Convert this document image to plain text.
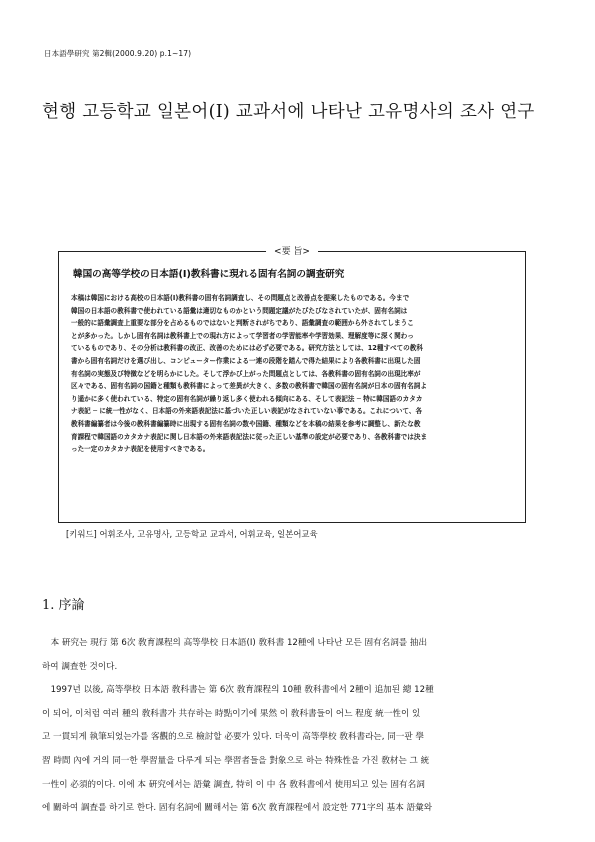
日本語學研究 第2輯(2000.9.20) p.1~17)
현행 고등학교 일본어(I) 교과서에 나타난 고유명사의 조사 연구
<要 旨>
韓国の高等学校の日本語(I)教科書に現れる固有名詞の調査研究
本稿は韓国における高校の日本語(I)教科書の固有名詞調査し、その問題点と改善点を提案したものである。今まで
韓国の日本語の教科書で使われている語彙は適切なものかという問題定議がたびたびなされていたが、固有名詞は
一般的に語彙調査上重要な部分を占めるものではないと判断されがちであり、語彙調査の範囲から外されてしまうこ
とが多かった。しかし固有名詞は教科書上での現れ方によって学習者の学習能率や学習効果、理解度等に深く関わっ
ているものであり、その分析は教科書の改正、改善のためには必ず必要である。研究方法としては、12種すべての教科
書から固有名詞だけを選び出し、コンピューター作業による一連の段階を踏んで得た結果により各教科書に出現した固
有名詞の実態及び特徴などを明らかにした。そして浮かび上がった問題点としては、各教科書の固有名詞の出現比率が
区々である、固有名詞の国籍と種類も教科書によって差異が大きく、多数の教科書で韓国の固有名詞が日本の固有名詞よ
り遥かに多く使われている、特定の固有名詞が繰り返し多く使われる傾向にある、そして表記法 ─ 特に韓国語のカタカ
ナ表記 ─ に統一性がなく、日本語の外来語表記法に基づいた正しい表記がなされていない事である。これについて、各
教科書編纂者は今後の教科書編纂時に出現する固有名詞の数や国籍、種類などを本稿の結果を参考に調整し、新たな教
育課程で韓国語のカタカナ表記に関し日本語の外来語表記法に従った正しい基準の設定が必要であり、各教科書では決ま
った一定のカタカナ表記を使用すべきである。
[키워드] 어휘조사, 고유명사, 고등학교 교과서, 어휘교육, 일본어교육
1. 序論
　本 硏究는 現行 第 6次 敎育課程의 高等學校 日本語(I) 敎科書 12種에 나타난 모든 固有名詞를 抽出
하여 調査한 것이다.
　1997년 以後, 高等學校 日本語 敎科書는 第 6次 敎育課程의 10種 敎科書에서 2種이 追加된 總 12種
이 되어, 이처럼 여러 種의 敎科書가 共存하는 時點이기에 果然 이 敎科書들이 어느 程度 統一性이 있
고 一貫되게 執筆되었는가를 客觀的으로 檢討할 必要가 있다. 더욱이 高等學校 敎科書라는, 同一판 學
習 時間 內에 거의 同一한 學習量을 다루게 되는 學習者들을 對象으로 하는 特殊性을 가진 敎材는 그 統
一性이 必須的이다. 이에 本 硏究에서는 語彙 調査, 特히 이 中 各 敎科書에서 使用되고 있는 固有名詞
에 關하여 調査를 하기로 한다. 固有名詞에 關해서는 第 6次 敎育課程에서 設定한 771字의 基本 語彙와
